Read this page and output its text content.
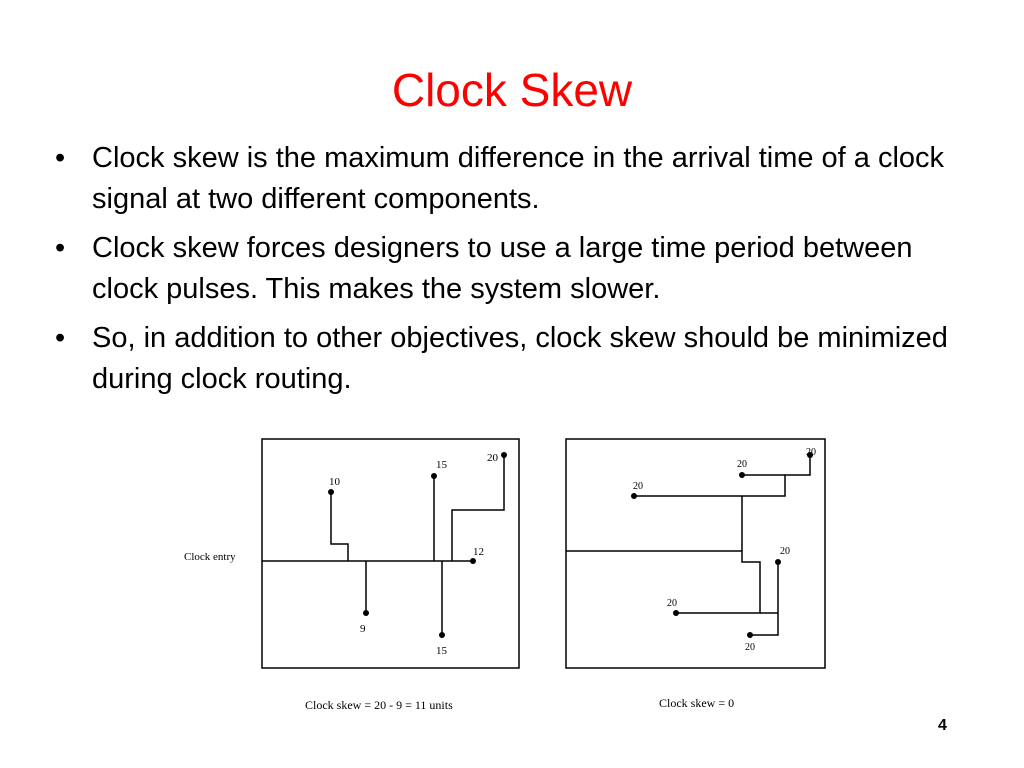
Clock Skew
• Clock skew is the maximum difference in the arrival time of a clock signal at two different components.
• Clock skew forces designers to use a large time period between clock pulses. This makes the system slower.
• So, in addition to other objectives, clock skew should be minimized during clock routing.
10
15
20
12
9
15
Clock entry
Clock skew = 20 - 9 = 11 units
20
20
20
20
20
20
Clock skew = 0
4
